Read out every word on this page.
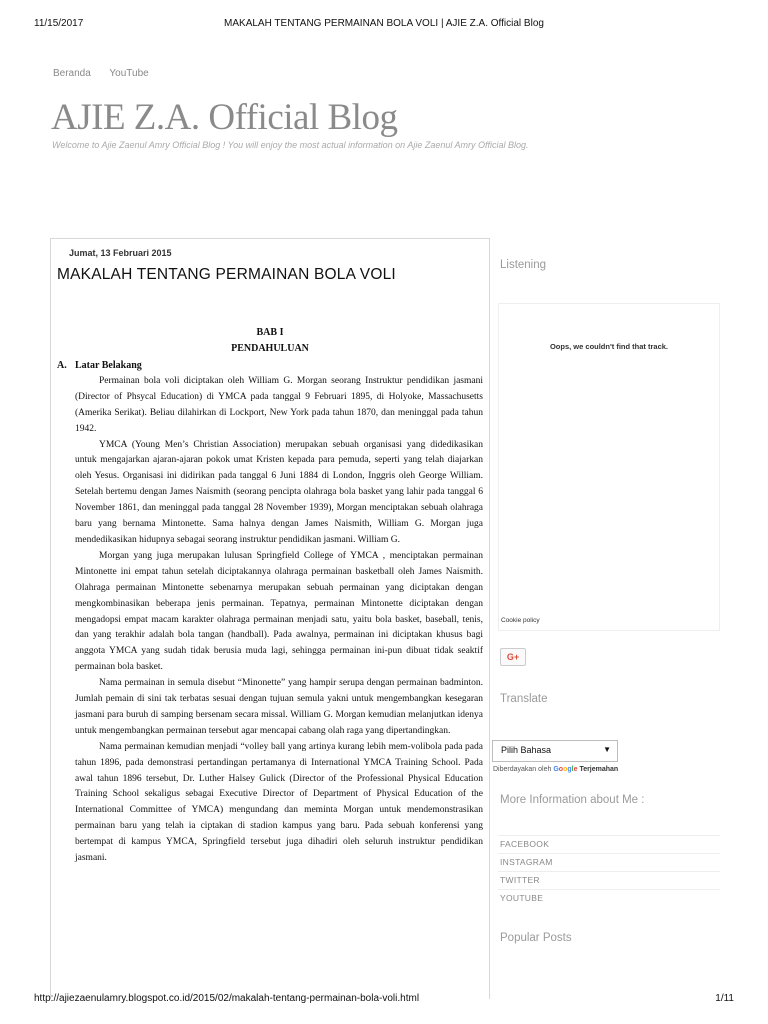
11/15/2017	MAKALAH TENTANG PERMAINAN BOLA VOLI | AJIE Z.A. Official Blog
Beranda YouTube
AJIE Z.A. Official Blog
Welcome to Ajie Zaenul Amry Official Blog ! You will enjoy the most actual information on Ajie Zaenul Amry Official Blog.
Jumat, 13 Februari 2015
MAKALAH TENTANG PERMAINAN BOLA VOLI
BAB I
PENDAHULUAN
A. Latar Belakang

Permainan bola voli diciptakan oleh William G. Morgan seorang Instruktur pendidikan jasmani (Director of Phsycal Education) di YMCA pada tanggal 9 Februari 1895, di Holyoke, Massachusetts (Amerika Serikat). Beliau dilahirkan di Lockport, New York pada tahun 1870, dan meninggal pada tahun 1942.

YMCA (Young Men’s Christian Association) merupakan sebuah organisasi yang didedikasikan untuk mengajarkan ajaran-ajaran pokok umat Kristen kepada para pemuda, seperti yang telah diajarkan oleh Yesus. Organisasi ini didirikan pada tanggal 6 Juni 1884 di London, Inggris oleh George William. Setelah bertemu dengan James Naismith (seorang pencipta olahraga bola basket yang lahir pada tanggal 6 November 1861, dan meninggal pada tanggal 28 November 1939), Morgan menciptakan sebuah olahraga baru yang bernama Mintonette. Sama halnya dengan James Naismith, William G. Morgan juga mendedikasikan hidupnya sebagai seorang instruktur pendidikan jasmani. William G.

Morgan yang juga merupakan lulusan Springfield College of YMCA , menciptakan permainan Mintonette ini empat tahun setelah diciptakannya olahraga permainan basketball oleh James Naismith. Olahraga permainan Mintonette sebenarnya merupakan sebuah permainan yang diciptakan dengan mengkombinasikan beberapa jenis permainan. Tepatnya, permainan Mintonette diciptakan dengan mengadopsi empat macam karakter olahraga permainan menjadi satu, yaitu bola basket, baseball, tenis, dan yang terakhir adalah bola tangan (handball). Pada awalnya, permainan ini diciptakan khusus bagi anggota YMCA yang sudah tidak berusia muda lagi, sehingga permainan ini-pun dibuat tidak seaktif permainan bola basket.

Nama permainan in semula disebut “Minonette” yang hampir serupa dengan permainan badminton. Jumlah pemain di sini tak terbatas sesuai dengan tujuan semula yakni untuk mengembangkan kesegaran jasmani para buruh di samping bersenam secara missal. William G. Morgan kemudian melanjutkan idenya untuk mengembangkan permainan tersebut agar mencapai cabang olah raga yang dipertandingkan.

Nama permainan kemudian menjadi “volley ball yang artinya kurang lebih mem-volibola pada pada tahun 1896, pada demonstrasi pertandingan pertamanya di International YMCA Training School. Pada awal tahun 1896 tersebut, Dr. Luther Halsey Gulick (Director of the Professional Physical Education Training School sekaligus sebagai Executive Director of Department of Physical Education of the International Committee of YMCA) mengundang dan meminta Morgan untuk mendemonstrasikan permainan baru yang telah ia ciptakan di stadion kampus yang baru. Pada sebuah konferensi yang bertempat di kampus YMCA, Springfield tersebut juga dihadiri oleh seluruh instruktur pendidikan jasmani.

Listening
Oops, we couldn't find that track.
Cookie policy
G+
Translate
Pilih Bahasa	▼
Diberdayakan oleh Google Terjemahan
More Information about Me :
FACEBOOK
INSTAGRAM
TWITTER
YOUTUBE
Popular Posts
http://ajiezaenulamry.blogspot.co.id/2015/02/makalah-tentang-permainan-bola-voli.html	1/11
